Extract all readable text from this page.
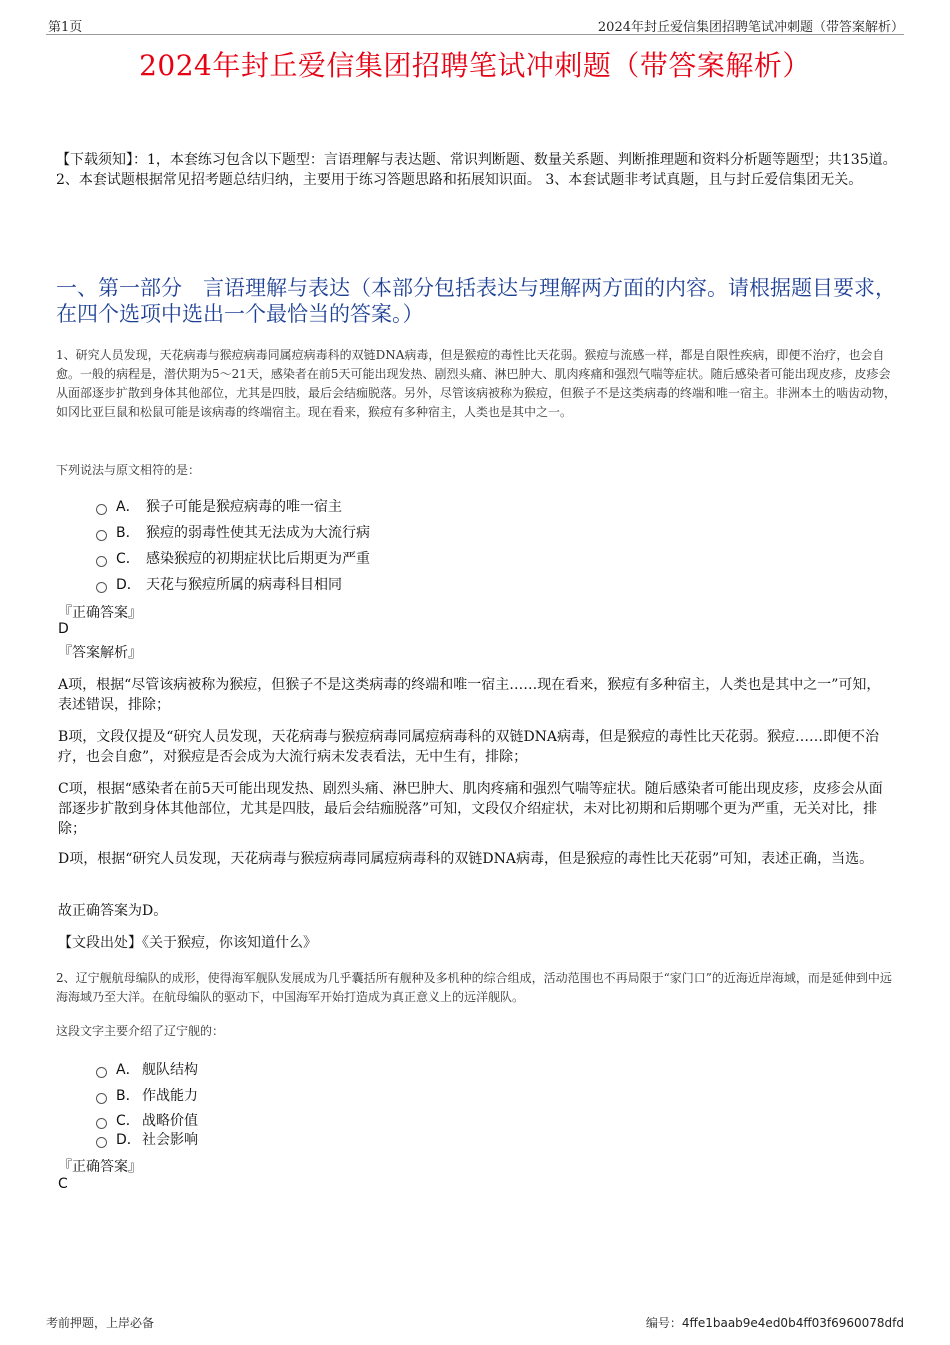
第1页	2024年封丘爱信集团招聘笔试冲刺题（带答案解析）
2024年封丘爱信集团招聘笔试冲刺题（带答案解析）
【下载须知】：1，本套练习包含以下题型：言语理解与表达题、常识判断题、数量关系题、判断推理题和资料分析题等题型；共135道。 2、本套试题根据常见招考题总结归纳，主要用于练习答题思路和拓展知识面。 3、本套试题非考试真题，且与封丘爱信集团无关。
一、第一部分　言语理解与表达（本部分包括表达与理解两方面的内容。请根据题目要求，在四个选项中选出一个最恰当的答案。）
1、研究人员发现，天花病毒与猴痘病毒同属痘病毒科的双链DNA病毒，但是猴痘的毒性比天花弱。猴痘与流感一样，都是自限性疾病，即便不治疗，也会自愈。一般的病程是，潜伏期为5～21天，感染者在前5天可能出现发热、剧烈头痛、淋巴肿大、肌肉疼痛和强烈气喘等症状。随后感染者可能出现皮疹，皮疹会从面部逐步扩散到身体其他部位，尤其是四肢，最后会结痂脱落。另外，尽管该病被称为猴痘，但猴子不是这类病毒的终端和唯一宿主。非洲本土的啮齿动物，如冈比亚巨鼠和松鼠可能是该病毒的终端宿主。现在看来，猴痘有多种宿主，人类也是其中之一。
下列说法与原文相符的是：
A． 猴子可能是猴痘病毒的唯一宿主
B． 猴痘的弱毒性使其无法成为大流行病
C． 感染猴痘的初期症状比后期更为严重
D． 天花与猴痘所属的病毒科目相同
『正确答案』
D
『答案解析』
A项，根据“尽管该病被称为猴痘，但猴子不是这类病毒的终端和唯一宿主……现在看来，猴痘有多种宿主，人类也是其中之一”可知，表述错误，排除；
B项，文段仅提及“研究人员发现，天花病毒与猴痘病毒同属痘病毒科的双链DNA病毒，但是猴痘的毒性比天花弱。猴痘……即便不治疗，也会自愈”，对猴痘是否会成为大流行病未发表看法，无中生有，排除；
C项，根据“感染者在前5天可能出现发热、剧烈头痛、淋巴肿大、肌肉疼痛和强烈气喘等症状。随后感染者可能出现皮疹，皮疹会从面部逐步扩散到身体其他部位，尤其是四肢，最后会结痂脱落”可知，文段仅介绍症状，未对比初期和后期哪个更为严重，无关对比，排除；
D项，根据“研究人员发现，天花病毒与猴痘病毒同属痘病毒科的双链DNA病毒，但是猴痘的毒性比天花弱”可知，表述正确，当选。
故正确答案为D。
【文段出处】《关于猴痘，你该知道什么》
2、辽宁舰航母编队的成形，使得海军舰队发展成为几乎囊括所有舰种及多机种的综合组成，活动范围也不再局限于“家门口”的近海近岸海域，而是延伸到中远海海域乃至大洋。在航母编队的驱动下，中国海军开始打造成为真正意义上的远洋舰队。
这段文字主要介绍了辽宁舰的：
A． 舰队结构
B． 作战能力
C． 战略价值
D．社会影响
『正确答案』
C
考前押题，上岸必备	编号：4ffe1baab9e4ed0b4ff03f6960078dfd
